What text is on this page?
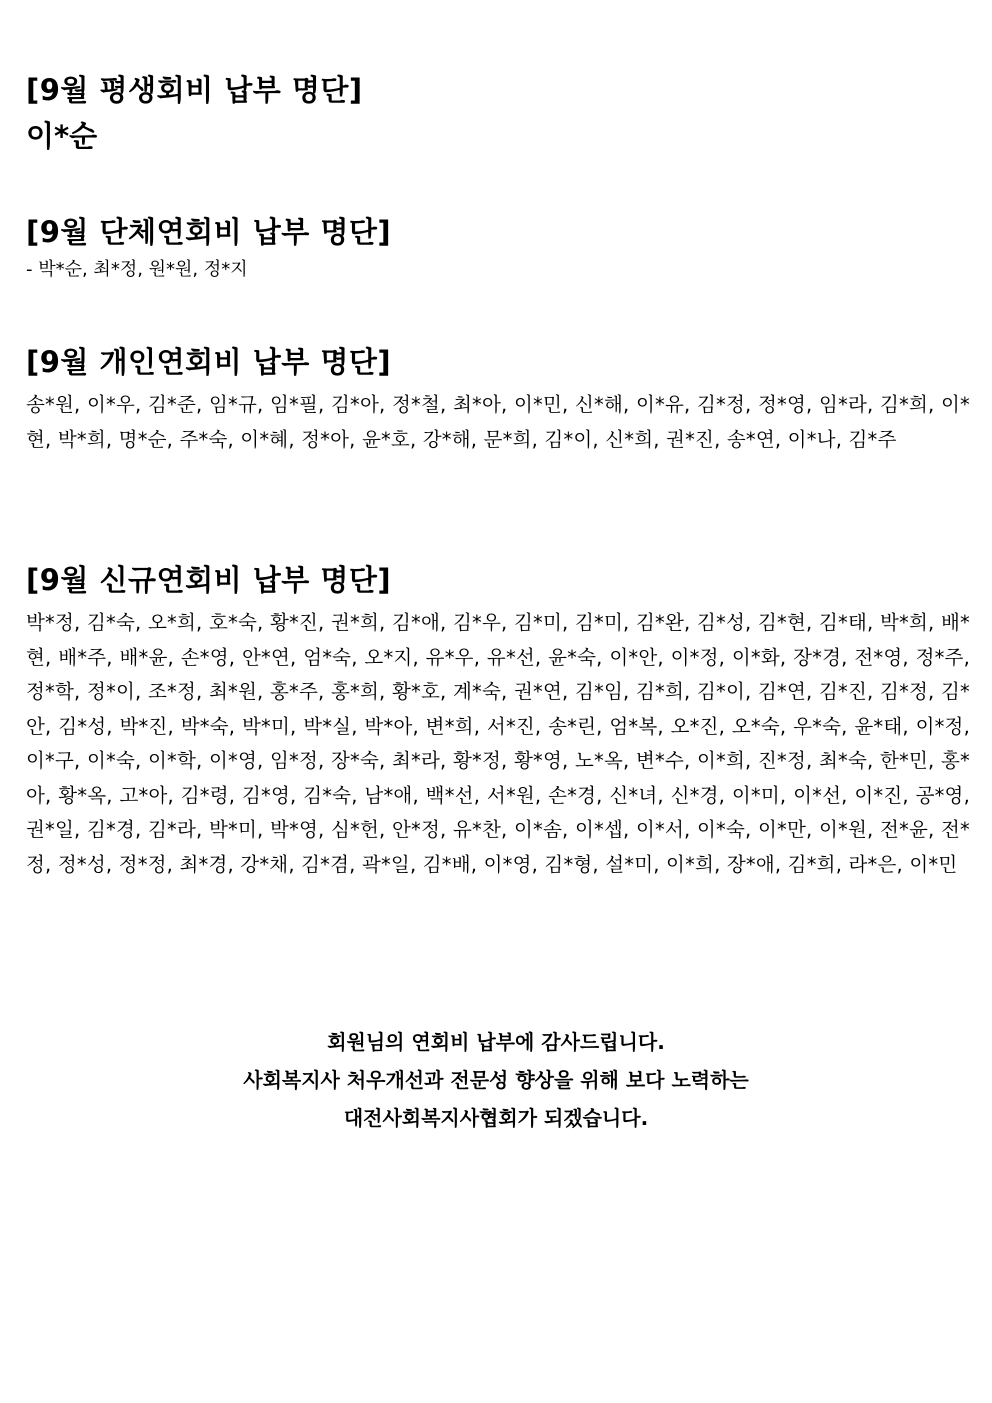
[9월 평생회비 납부 명단]
이*순
[9월 단체연회비 납부 명단]
- 박*순, 최*정, 원*원, 정*지
[9월 개인연회비 납부 명단]
송*원, 이*우, 김*준, 임*규, 임*필, 김*아, 정*철, 최*아, 이*민, 신*해, 이*유, 김*정, 정*영, 임*라, 김*희, 이*현, 박*희, 명*순, 주*숙, 이*혜, 정*아, 윤*호, 강*해, 문*희, 김*이, 신*희, 권*진, 송*연, 이*나, 김*주
[9월 신규연회비 납부 명단]
박*정, 김*숙, 오*희, 호*숙, 황*진, 권*희, 김*애, 김*우, 김*미, 김*미, 김*완, 김*성, 김*현, 김*태, 박*희, 배*현, 배*주, 배*윤, 손*영, 안*연, 엄*숙, 오*지, 유*우, 유*선, 윤*숙, 이*안, 이*정, 이*화, 장*경, 전*영, 정*주, 정*학, 정*이, 조*정, 최*원, 홍*주, 홍*희, 황*호, 계*숙, 권*연, 김*임, 김*희, 김*이, 김*연, 김*진, 김*정, 김*안, 김*성, 박*진, 박*숙, 박*미, 박*실, 박*아, 변*희, 서*진, 송*린, 엄*복, 오*진, 오*숙, 우*숙, 윤*태, 이*정, 이*구, 이*숙, 이*학, 이*영, 임*정, 장*숙, 최*라, 황*정, 황*영, 노*옥, 변*수, 이*희, 진*정, 최*숙, 한*민, 홍*아, 황*옥, 고*아, 김*령, 김*영, 김*숙, 남*애, 백*선, 서*원, 손*경, 신*녀, 신*경, 이*미, 이*선, 이*진, 공*영, 권*일, 김*경, 김*라, 박*미, 박*영, 심*헌, 안*정, 유*찬, 이*솜, 이*셉, 이*서, 이*숙, 이*만, 이*원, 전*윤, 전*정, 정*성, 정*정, 최*경, 강*채, 김*겸, 곽*일, 김*배, 이*영, 김*형, 설*미, 이*희, 장*애, 김*희, 라*은, 이*민
회원님의 연회비 납부에 감사드립니다.
사회복지사 처우개선과 전문성 향상을 위해 보다 노력하는
대전사회복지사협회가 되겠습니다.
